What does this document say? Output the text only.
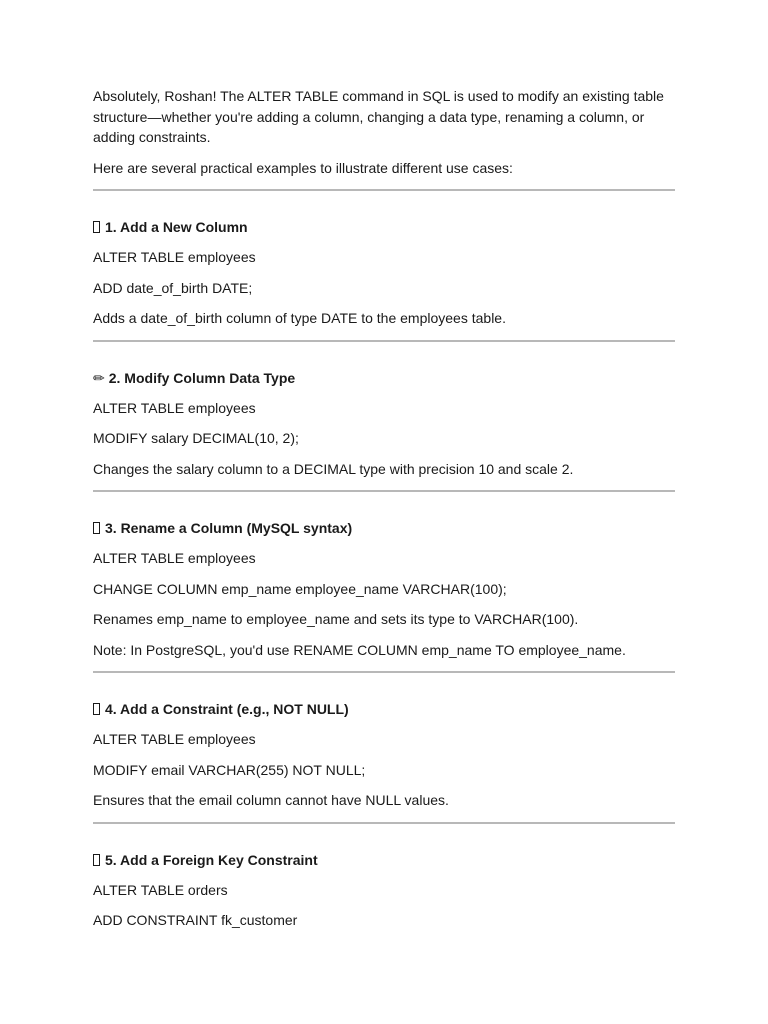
Absolutely, Roshan! The ALTER TABLE command in SQL is used to modify an existing table structure—whether you're adding a column, changing a data type, renaming a column, or adding constraints.

Here are several practical examples to illustrate different use cases:

1. Add a New Column

ALTER TABLE employees

ADD date_of_birth DATE;

Adds a date_of_birth column of type DATE to the employees table.

✏ 2. Modify Column Data Type

ALTER TABLE employees

MODIFY salary DECIMAL(10, 2);

Changes the salary column to a DECIMAL type with precision 10 and scale 2.

3. Rename a Column (MySQL syntax)

ALTER TABLE employees

CHANGE COLUMN emp_name employee_name VARCHAR(100);

Renames emp_name to employee_name and sets its type to VARCHAR(100).

Note: In PostgreSQL, you'd use RENAME COLUMN emp_name TO employee_name.

4. Add a Constraint (e.g., NOT NULL)

ALTER TABLE employees

MODIFY email VARCHAR(255) NOT NULL;

Ensures that the email column cannot have NULL values.

5. Add a Foreign Key Constraint

ALTER TABLE orders

ADD CONSTRAINT fk_customer
